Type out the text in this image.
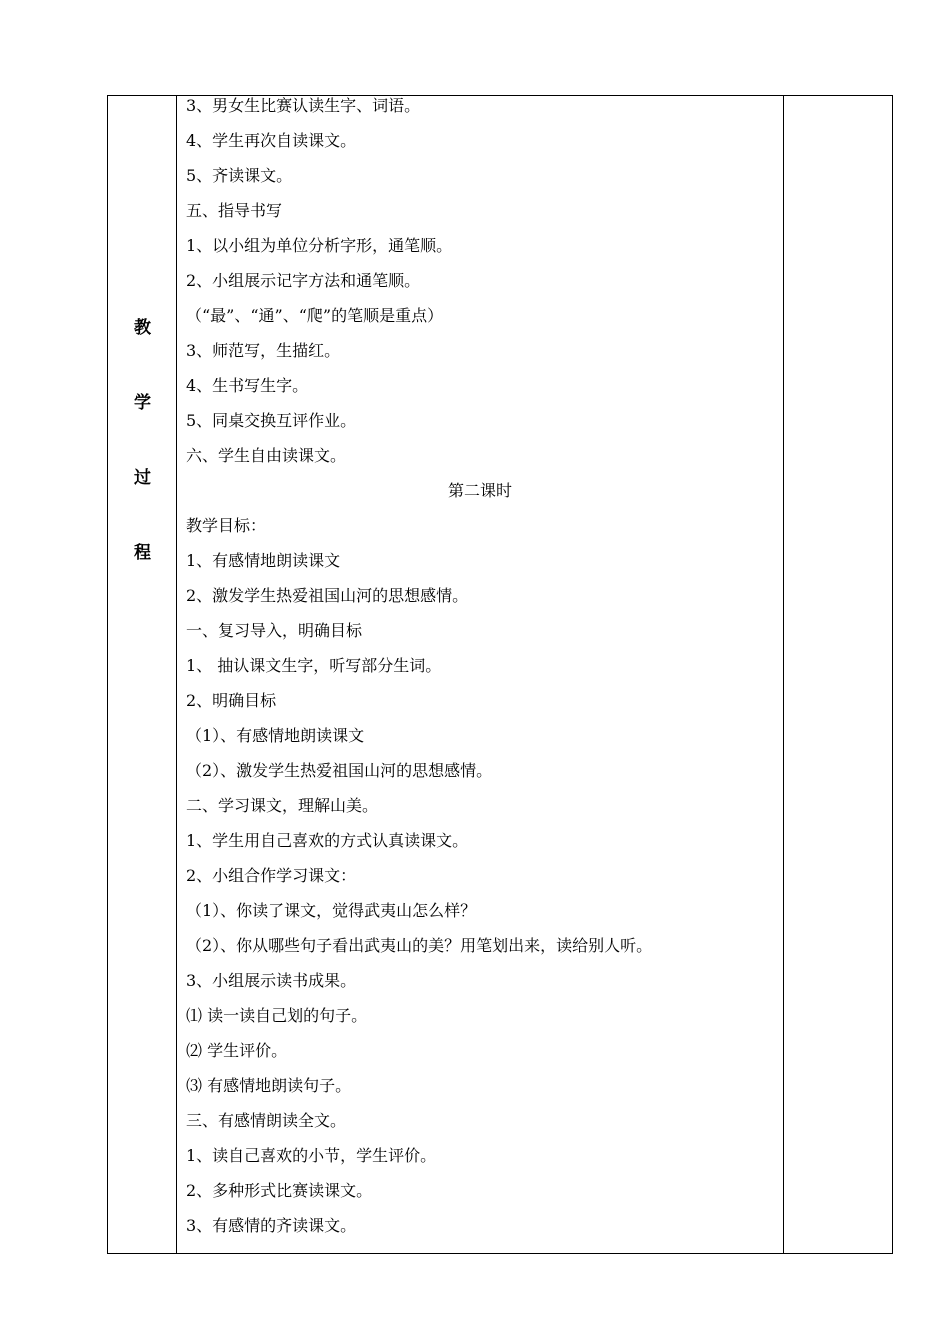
教
学
过
程
3、男女生比赛认读生字、词语。
4、学生再次自读课文。
5、齐读课文。
五、指导书写
1、以小组为单位分析字形，通笔顺。
2、小组展示记字方法和通笔顺。
（“最”、“通”、“爬”的笔顺是重点）
3、师范写，生描红。
4、生书写生字。
5、同桌交换互评作业。
六、学生自由读课文。
第二课时
教学目标：
1、有感情地朗读课文
2、激发学生热爱祖国山河的思想感情。
一、复习导入，明确目标
1、 抽认课文生字，听写部分生词。
2、明确目标
（1）、有感情地朗读课文
（2）、激发学生热爱祖国山河的思想感情。
二、学习课文，理解山美。
1、学生用自己喜欢的方式认真读课文。
2、小组合作学习课文：
（1）、你读了课文，觉得武夷山怎么样？
（2）、你从哪些句子看出武夷山的美？用笔划出来，读给别人听。
3、小组展示读书成果。
⑴ 读一读自己划的句子。
⑵ 学生评价。
⑶ 有感情地朗读句子。
三、有感情朗读全文。
1、读自己喜欢的小节，学生评价。
2、多种形式比赛读课文。
3、有感情的齐读课文。
